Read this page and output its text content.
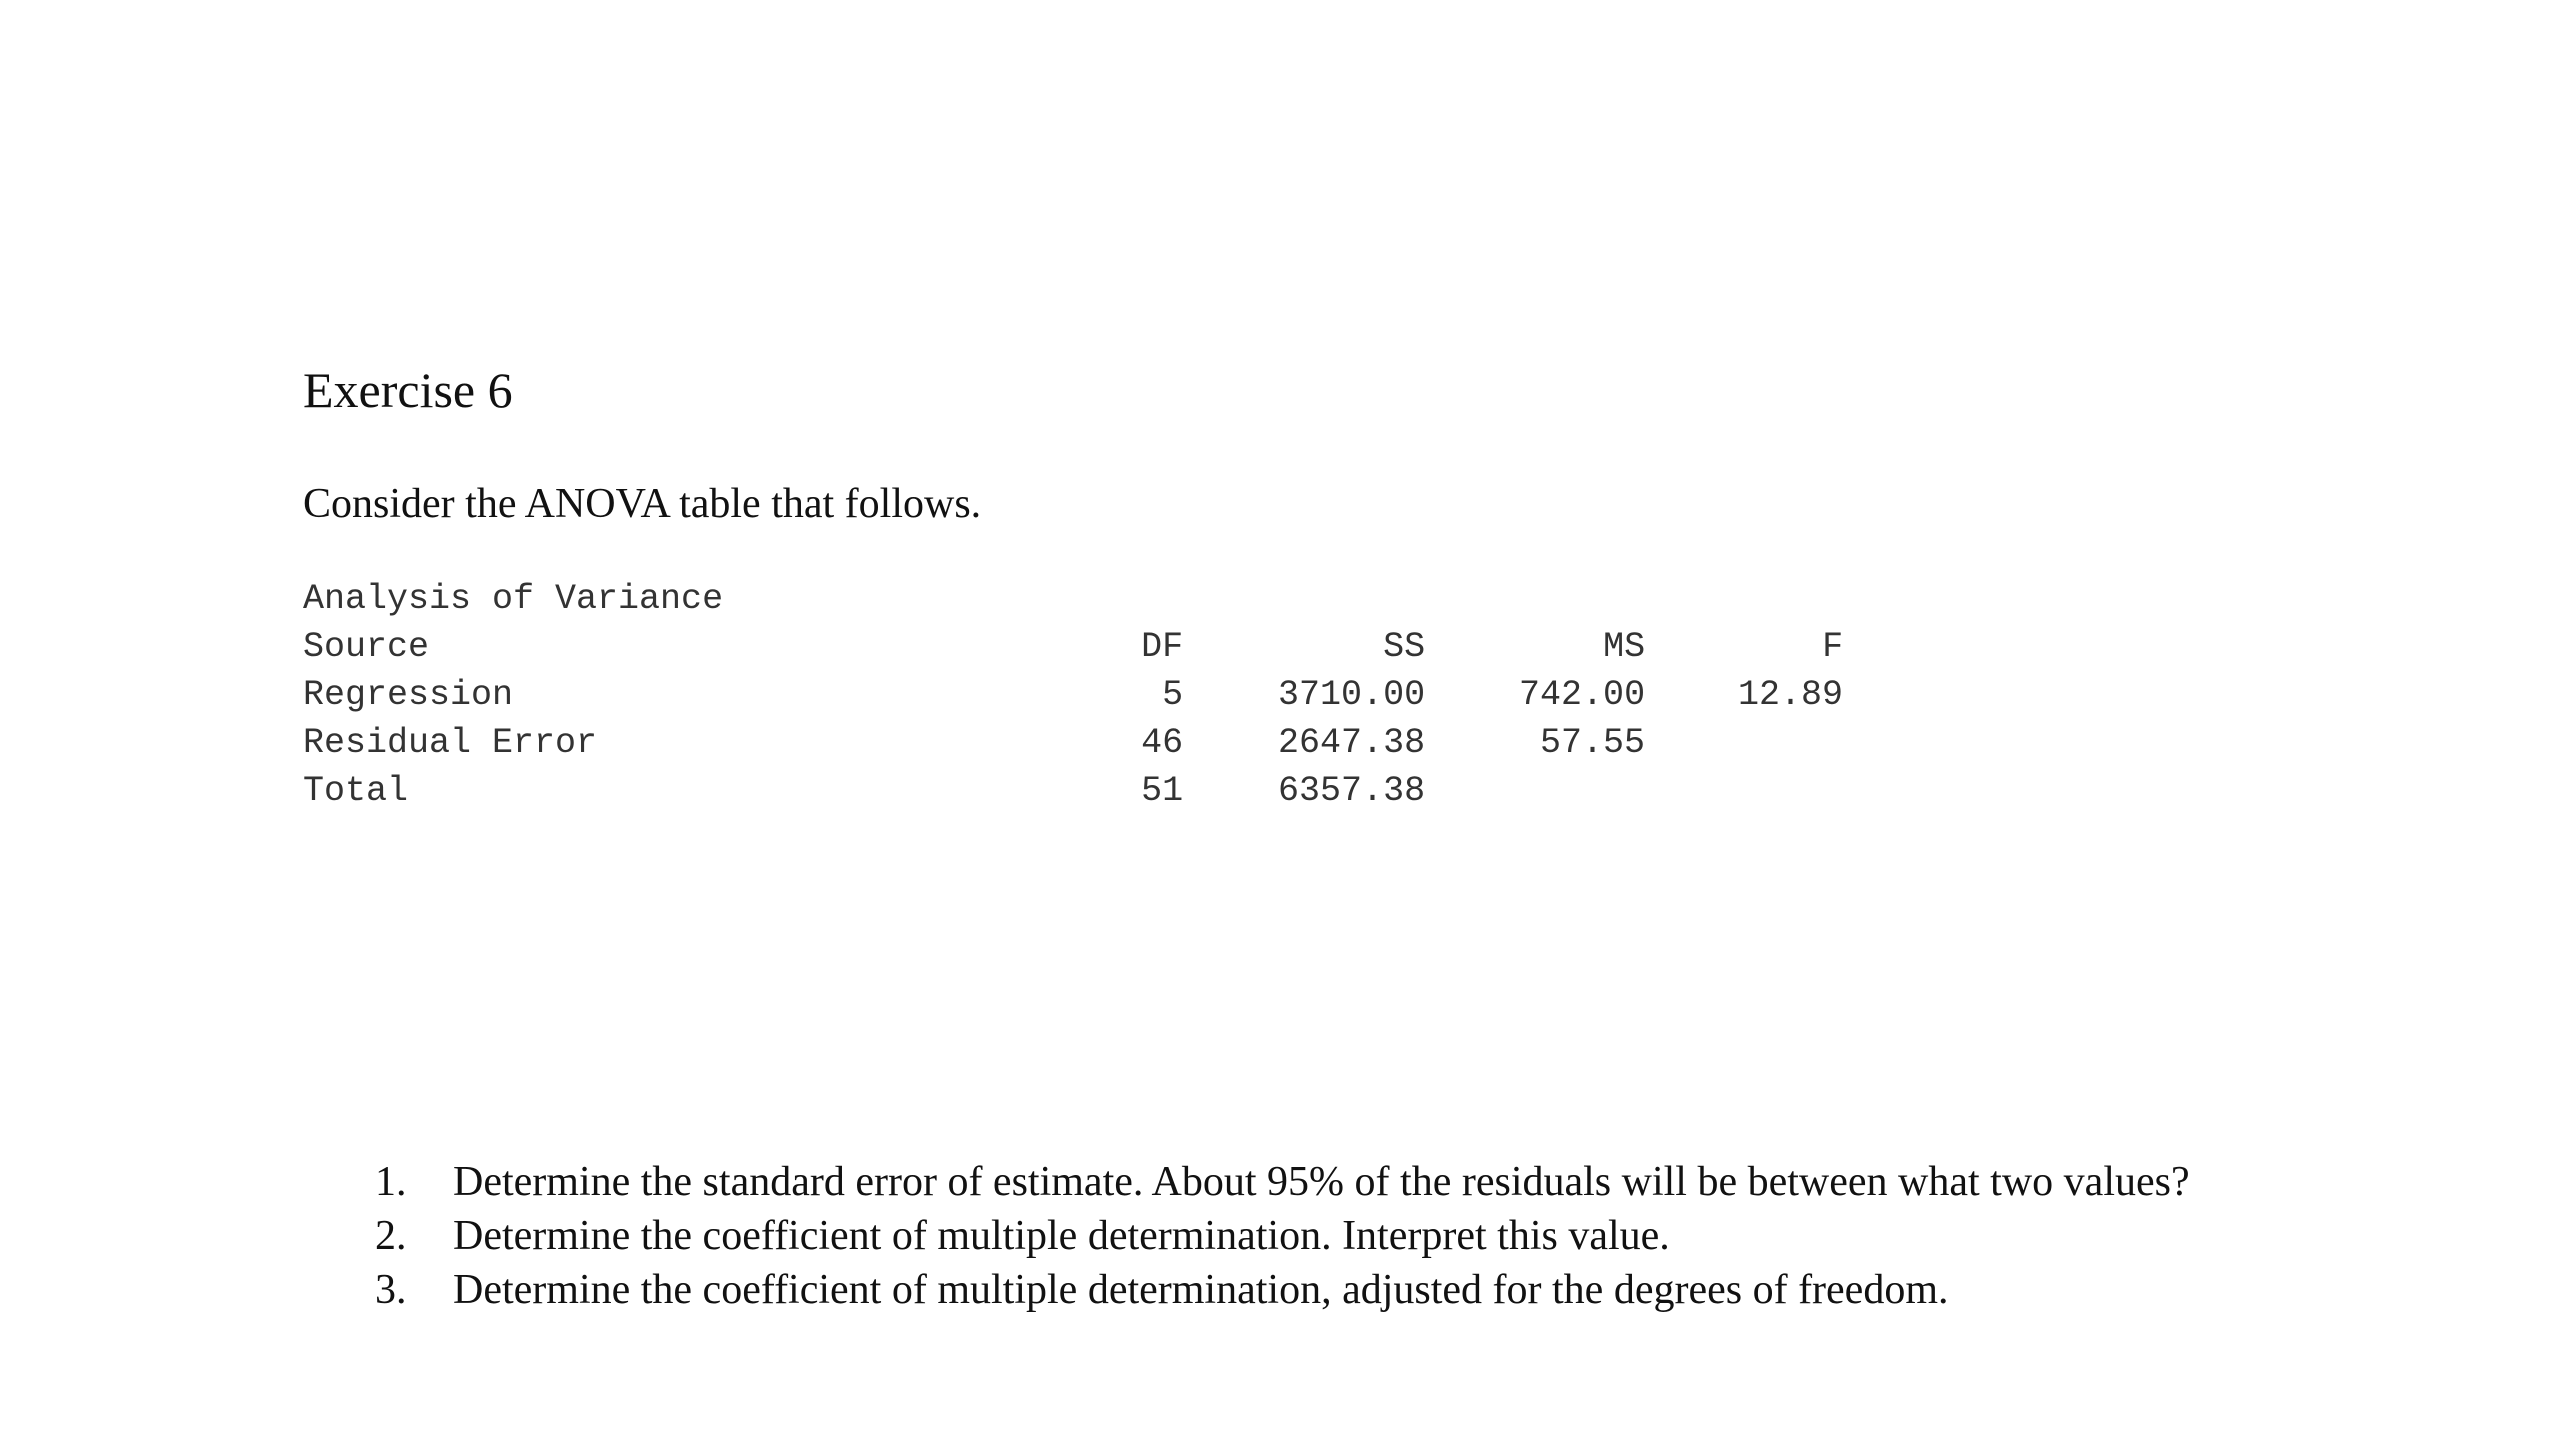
Exercise 6
Consider the ANOVA table that follows.
Analysis of Variance
Source	DF	SS	MS	F
Regression	5	3710.00	742.00	12.89
Residual Error	46	2647.38	57.55
Total	51	6357.38
1. Determine the standard error of estimate. About 95% of the residuals will be between what two values?
2. Determine the coefficient of multiple determination. Interpret this value.
3. Determine the coefficient of multiple determination, adjusted for the degrees of freedom.
